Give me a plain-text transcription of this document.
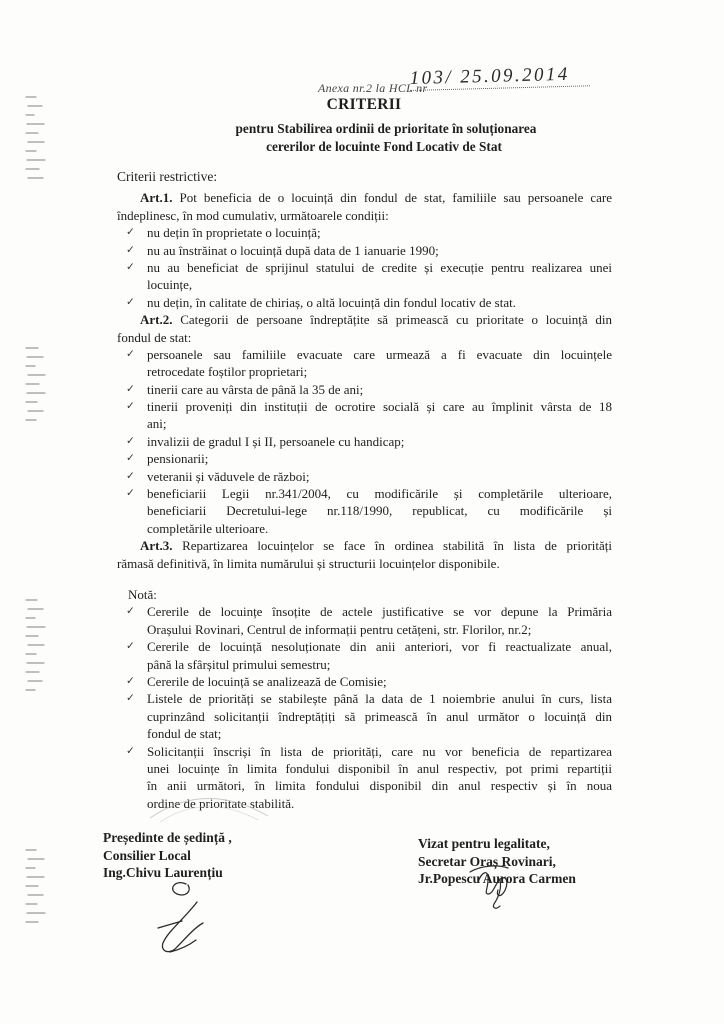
Anexa nr.2 la HCL nr
103/ 25.09.2014
CRITERII
pentru Stabilirea ordinii de prioritate în soluționarea
cererilor de locuinte Fond Locativ de Stat
Criterii restrictive:
Art.1. Pot beneficia de o locuință din fondul de stat, familiile sau persoanele care
îndeplinesc, în mod cumulativ, următoarele condiții:
✓
nu dețin în proprietate o locuință;
✓
nu au înstrăinat o locuință după data de 1 ianuarie 1990;
✓
nu au beneficiat de sprijinul statului de credite și execuție pentru realizarea unei
locuințe,
✓
nu dețin, în calitate de chiriaș, o altă locuință din fondul locativ de stat.
Art.2. Categorii de persoane îndreptățite să primească cu prioritate o locuință din
fondul de stat:
✓
persoanele sau familiile evacuate care urmează a fi evacuate din locuințele
retrocedate foștilor proprietari;
✓
tinerii care au vârsta de până la 35 de ani;
✓
tinerii proveniți din instituții de ocrotire socială și care au împlinit vârsta de 18
ani;
✓
invalizii de gradul I și II, persoanele cu handicap;
✓
pensionarii;
✓
veteranii și văduvele de război;
✓
beneficiarii Legii nr.341/2004, cu modificările și completările ulterioare,
beneficiarii Decretului-lege nr.118/1990, republicat, cu modificările și
completările ulterioare.
Art.3. Repartizarea locuințelor se face în ordinea stabilită în lista de priorități
rămasă definitivă, în limita numărului și structurii locuințelor disponibile.
Notă:
✓
Cererile de locuințe însoțite de actele justificative se vor depune la Primăria
Orașului Rovinari, Centrul de informații pentru cetățeni, str. Florilor, nr.2;
✓
Cererile de locuință nesoluționate din anii anteriori, vor fi reactualizate anual,
până la sfârșitul primului semestru;
✓
Cererile de locuință se analizează de Comisie;
✓
Listele de priorități se stabilește până la data de 1 noiembrie anului în curs, lista
cuprinzând solicitanții îndreptățiți să primească în anul următor o locuință din
fondul de stat;
✓
Solicitanții înscriși în lista de priorități, care nu vor beneficia de repartizarea
unei locuințe în limita fondului disponibil în anul respectiv, pot primi repartiții
în anii următori, în limita fondului disponibil din anul respectiv și în noua
ordine de prioritate stabilită.
Președinte de ședință ,
Consilier Local
Ing.Chivu Laurențiu
Vizat pentru legalitate,
Secretar Oraș Rovinari,
Jr.Popescu Aurora Carmen
